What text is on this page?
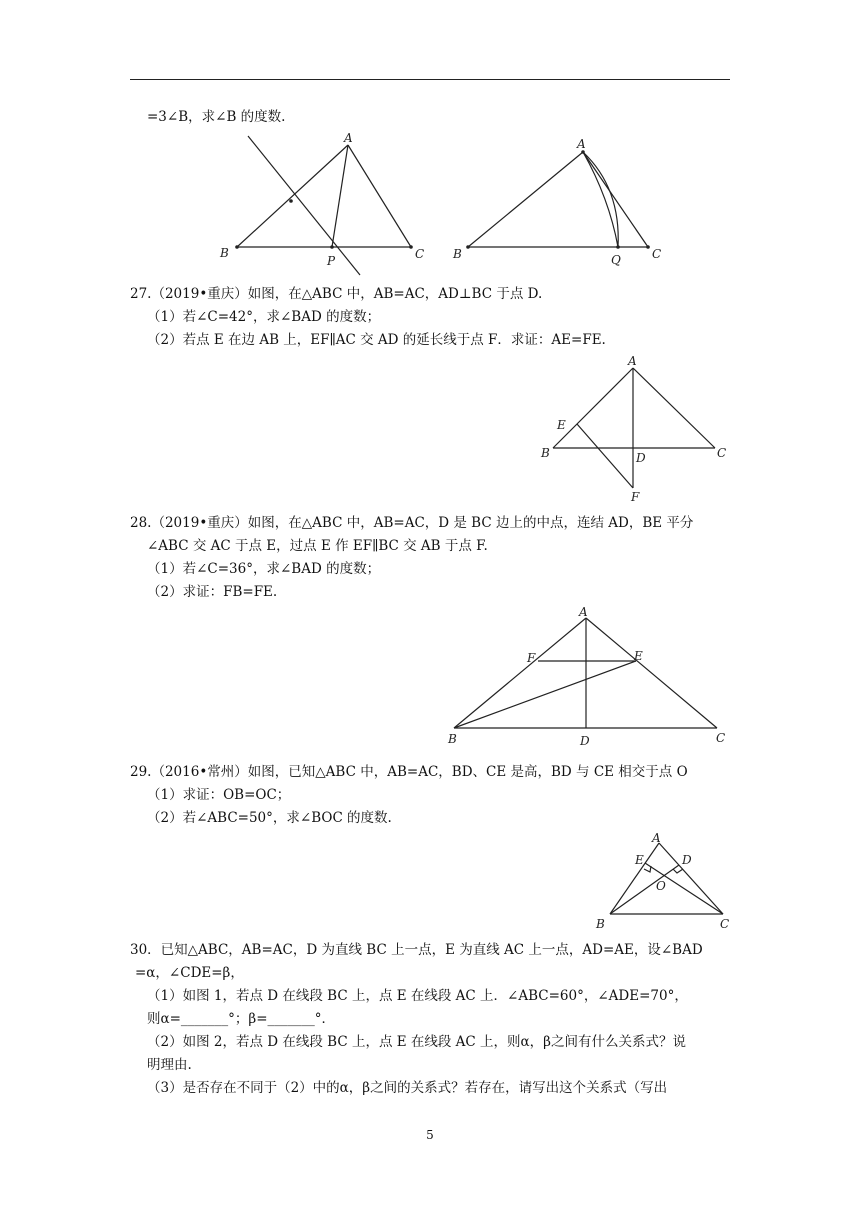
=3∠B，求∠B 的度数.
A
B	C
P
A
B	Q	C
27.（2019•重庆）如图，在△ABC 中，AB=AC，AD⊥BC 于点 D.
（1）若∠C=42°，求∠BAD 的度数；
（2）若点 E 在边 AB 上，EF∥AC 交 AD 的延长线于点 F．求证：AE=FE.
A
E
B	D	C
F
28.（2019•重庆）如图，在△ABC 中，AB=AC，D 是 BC 边上的中点，连结 AD，BE 平分
∠ABC 交 AC 于点 E，过点 E 作 EF∥BC 交 AB 于点 F.
（1）若∠C=36°，求∠BAD 的度数；
（2）求证：FB=FE.
A
F	E
B	D	C
29.（2016•常州）如图，已知△ABC 中，AB=AC，BD、CE 是高，BD 与 CE 相交于点 O
（1）求证：OB=OC；
（2）若∠ABC=50°，求∠BOC 的度数.
A
E	D
O
B	C
30．已知△ABC，AB=AC，D 为直线 BC 上一点，E 为直线 AC 上一点，AD=AE，设∠BAD
=α，∠CDE=β，
（1）如图 1，若点 D 在线段 BC 上，点 E 在线段 AC 上．∠ABC=60°，∠ADE=70°，
则α=_______°；β=_______°．
（2）如图 2，若点 D 在线段 BC 上，点 E 在线段 AC 上，则α，β之间有什么关系式？说
明理由.
（3）是否存在不同于（2）中的α，β之间的关系式？若存在，请写出这个关系式（写出
5
